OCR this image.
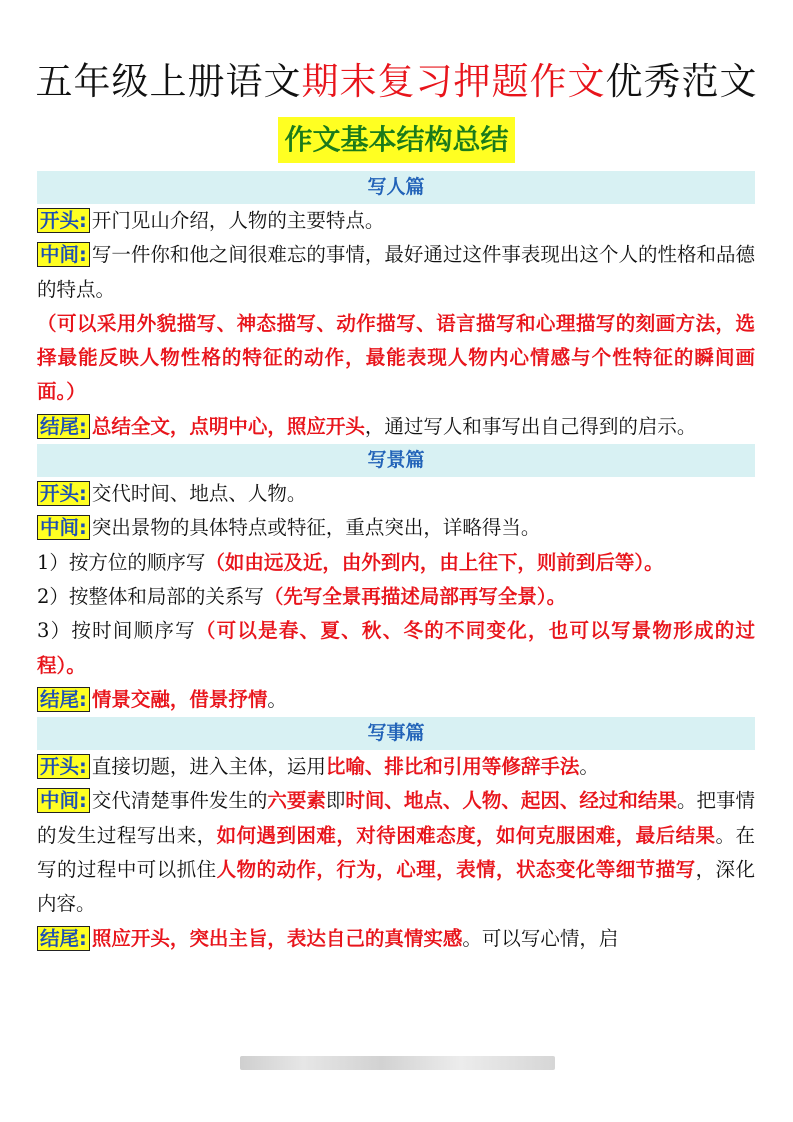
五年级上册语文期末复习押题作文优秀范文
作文基本结构总结
写人篇

开头: 开门见山介绍，人物的主要特点。

中间: 写一件你和他之间很难忘的事情，最好通过这件事表现出这个人的性格和品德的特点。

（可以采用外貌描写、神态描写、动作描写、语言描写和心理描写的刻画方法，选择最能反映人物性格的特征的动作，最能表现人物内心情感与个性特征的瞬间画面。）

结尾: 总结全文，点明中心，照应开头，通过写人和事写出自己得到的启示。

写景篇

开头: 交代时间、地点、人物。

中间: 突出景物的具体特点或特征，重点突出，详略得当。

1）按方位的顺序写（如由远及近，由外到内，由上往下，则前到后等）。

2）按整体和局部的关系写（先写全景再描述局部再写全景）。

3）按时间顺序写（可以是春、夏、秋、冬的不同变化，也可以写景物形成的过程）。

结尾: 情景交融，借景抒情。

写事篇

开头: 直接切题，进入主体，运用比喻、排比和引用等修辞手法。

中间: 交代清楚事件发生的六要素即时间、地点、人物、起因、经过和结果。把事情的发生过程写出来，如何遇到困难，对待困难态度，如何克服困难，最后结果。在写的过程中可以抓住人物的动作，行为，心理，表情，状态变化等细节描写，深化内容。

结尾: 照应开头，突出主旨，表达自己的真情实感。可以写心情，启
